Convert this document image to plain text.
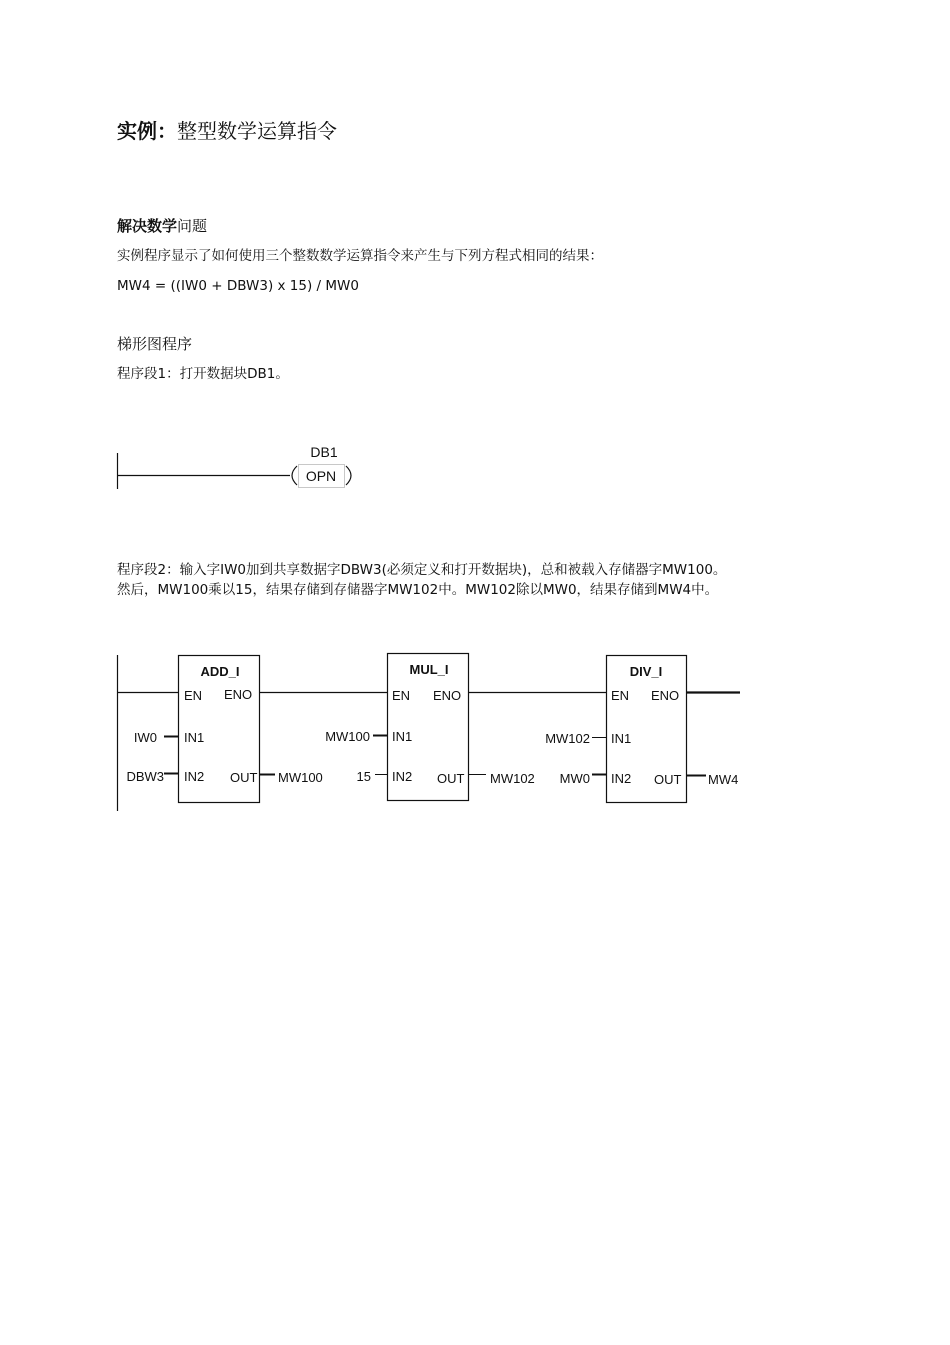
实例：整型数学运算指令
解决数学问题
实例程序显示了如何使用三个整数数学运算指令来产生与下列方程式相同的结果：
MW4 = ((IW0 + DBW3) x 15) / MW0
梯形图程序
程序段1：打开数据块DB1。
程序段2：输入字IW0加到共享数据字DBW3(必须定义和打开数据块)，总和被载入存储器字MW100。
然后，MW100乘以15，结果存储到存储器字MW102中。MW102除以MW0，结果存储到MW4中。
DB1
OPN
ADD_I	MUL_I	DIV_I
EN ENO	EN ENO	EN ENO
IN1
IN2 OUT
IN1
IN2 OUT
IN1
IN2 OUT
IW0
DBW3	MW100
MW100
15	MW102
MW102
MW0	MW4
